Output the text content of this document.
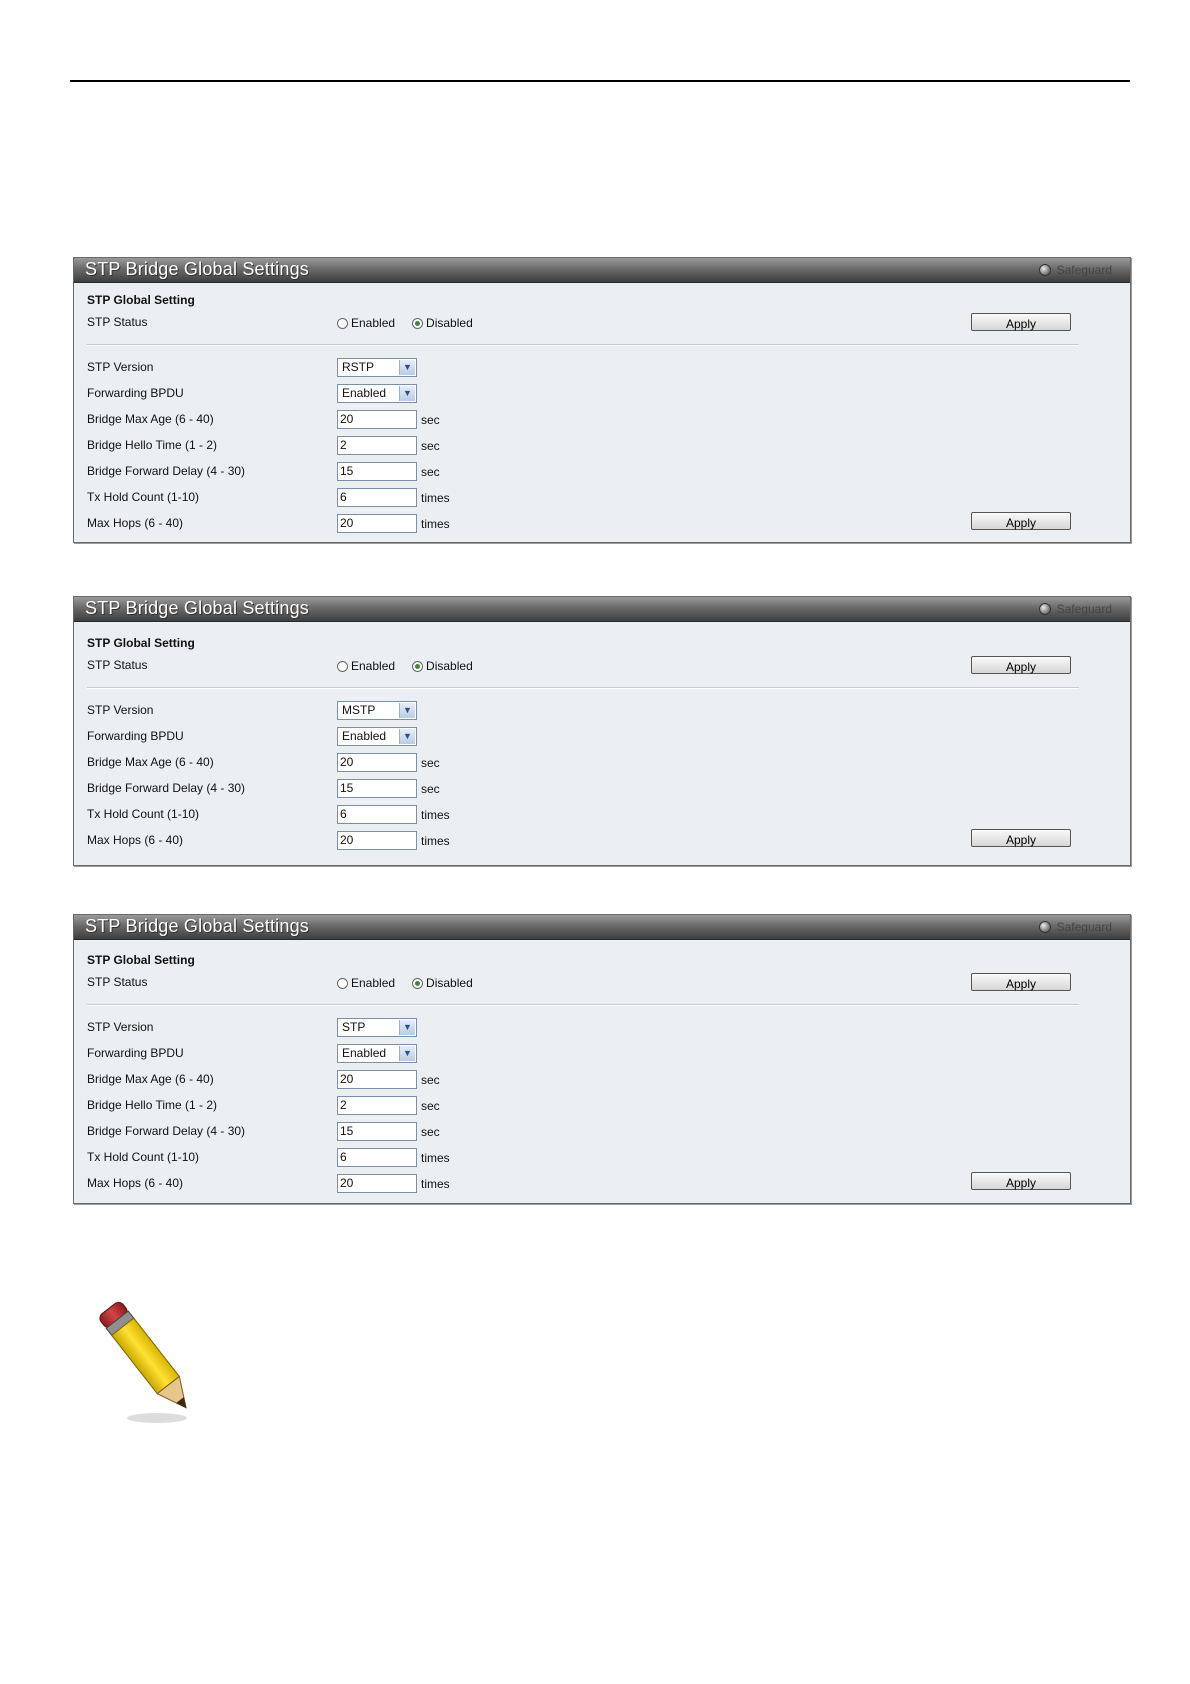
STP Bridge Global Settings	Safeguard
STP Global Setting
STP Status	Enabled	Disabled	Apply
STP Version	RSTP	▼
Forwarding BPDU	Enabled	▼
Bridge Max Age (6 - 40)	20	sec
Bridge Hello Time (1 - 2)	2	sec
Bridge Forward Delay (4 - 30)	15	sec
Tx Hold Count (1-10)	6	times
Max Hops (6 - 40)	20	times	Apply
STP Bridge Global Settings	Safeguard
STP Global Setting
STP Status	Enabled	Disabled	Apply
STP Version	MSTP	▼
Forwarding BPDU	Enabled	▼
Bridge Max Age (6 - 40)	20	sec
Bridge Forward Delay (4 - 30)	15	sec
Tx Hold Count (1-10)	6	times
Max Hops (6 - 40)	20	times	Apply
STP Bridge Global Settings	Safeguard
STP Global Setting
STP Status	Enabled	Disabled	Apply
STP Version	STP	▼
Forwarding BPDU	Enabled	▼
Bridge Max Age (6 - 40)	20	sec
Bridge Hello Time (1 - 2)	2	sec
Bridge Forward Delay (4 - 30)	15	sec
Tx Hold Count (1-10)	6	times
Max Hops (6 - 40)	20	times	Apply
